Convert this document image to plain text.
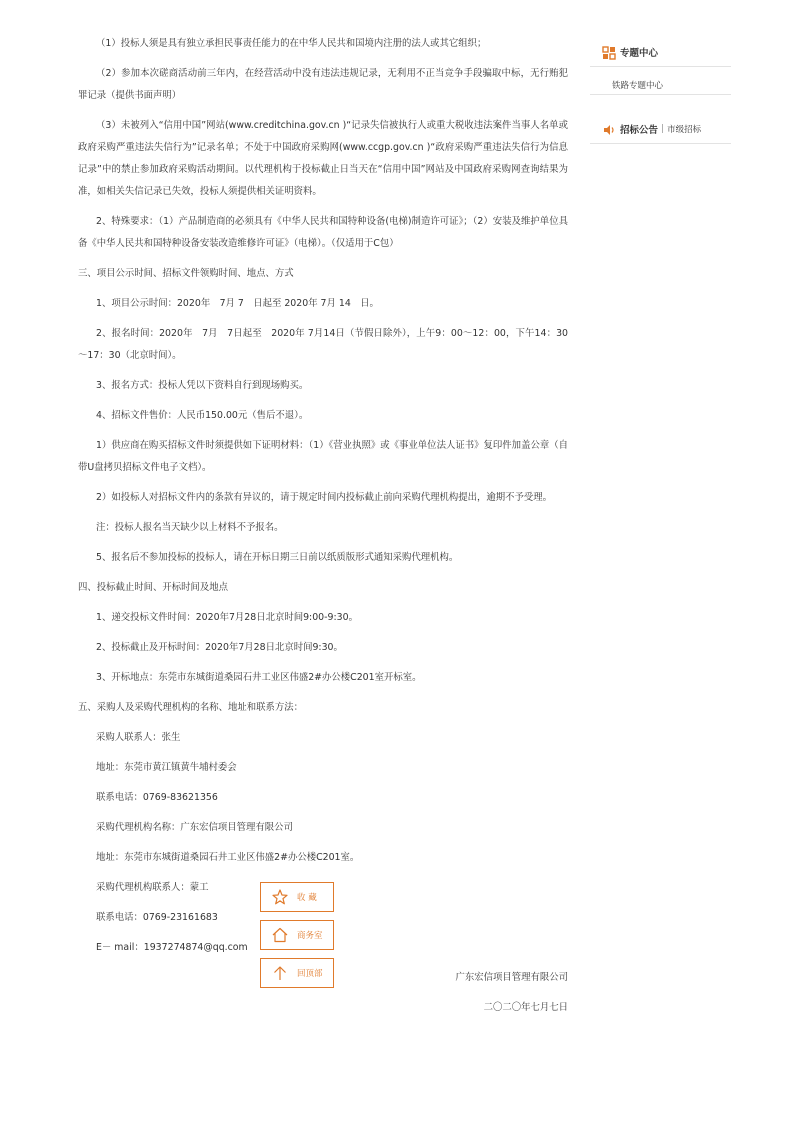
（1）投标人须是具有独立承担民事责任能力的在中华人民共和国境内注册的法人或其它组织；

（2）参加本次磋商活动前三年内，在经营活动中没有违法违规记录，无利用不正当竞争手段骗取中标，无行贿犯罪记录（提供书面声明）

（3）未被列入“信用中国”网站(www.creditchina.gov.cn )“记录失信被执行人或重大税收违法案件当事人名单或政府采购严重违法失信行为”记录名单；不处于中国政府采购网(www.ccgp.gov.cn )“政府采购严重违法失信行为信息记录”中的禁止参加政府采购活动期间。以代理机构于投标截止日当天在“信用中国”网站及中国政府采购网查询结果为准，如相关失信记录已失效，投标人须提供相关证明资料。

2、特殊要求：（1）产品制造商的必须具有《中华人民共和国特种设备(电梯)制造许可证》；（2）安装及维护单位具备《中华人民共和国特种设备安装改造维修许可证》（电梯）。（仅适用于C包）

三、项目公示时间、招标文件领购时间、地点、方式

1、项目公示时间：2020年　7月 7　日起至 2020年 7月 14　日。

2、报名时间：2020年　7月　7日起至　2020年 7月14日（节假日除外），上午9：00～12：00，下午14：30～17：30（北京时间）。

3、报名方式：投标人凭以下资料自行到现场购买。

4、招标文件售价：人民币150.00元（售后不退）。

1）供应商在购买招标文件时须提供如下证明材料：（1）《营业执照》或《事业单位法人证书》复印件加盖公章（自带U盘拷贝招标文件电子文档）。

2）如投标人对招标文件内的条款有异议的，请于规定时间内投标截止前向采购代理机构提出，逾期不予受理。

注：投标人报名当天缺少以上材料不予报名。

5、报名后不参加投标的投标人，请在开标日期三日前以纸质版形式通知采购代理机构。

四、投标截止时间、开标时间及地点

1、递交投标文件时间：2020年7月28日北京时间9:00-9:30。

2、投标截止及开标时间：2020年7月28日北京时间9:30。

3、开标地点：东莞市东城街道桑园石井工业区伟盛2#办公楼C201室开标室。

五、采购人及采购代理机构的名称、地址和联系方法：

采购人联系人：张生

地址：东莞市黄江镇黄牛埔村委会

联系电话：0769-83621356

采购代理机构名称：广东宏信项目管理有限公司

地址：东莞市东城街道桑园石井工业区伟盛2#办公楼C201室。

采购代理机构联系人：蒙工

联系电话：0769-23161683

E－ mail：1937274874@qq.com

广东宏信项目管理有限公司

二〇二〇年七月七日

专题中心
铁路专题中心
招标公告 | 市级招标
收 藏
商务室
回顶部
